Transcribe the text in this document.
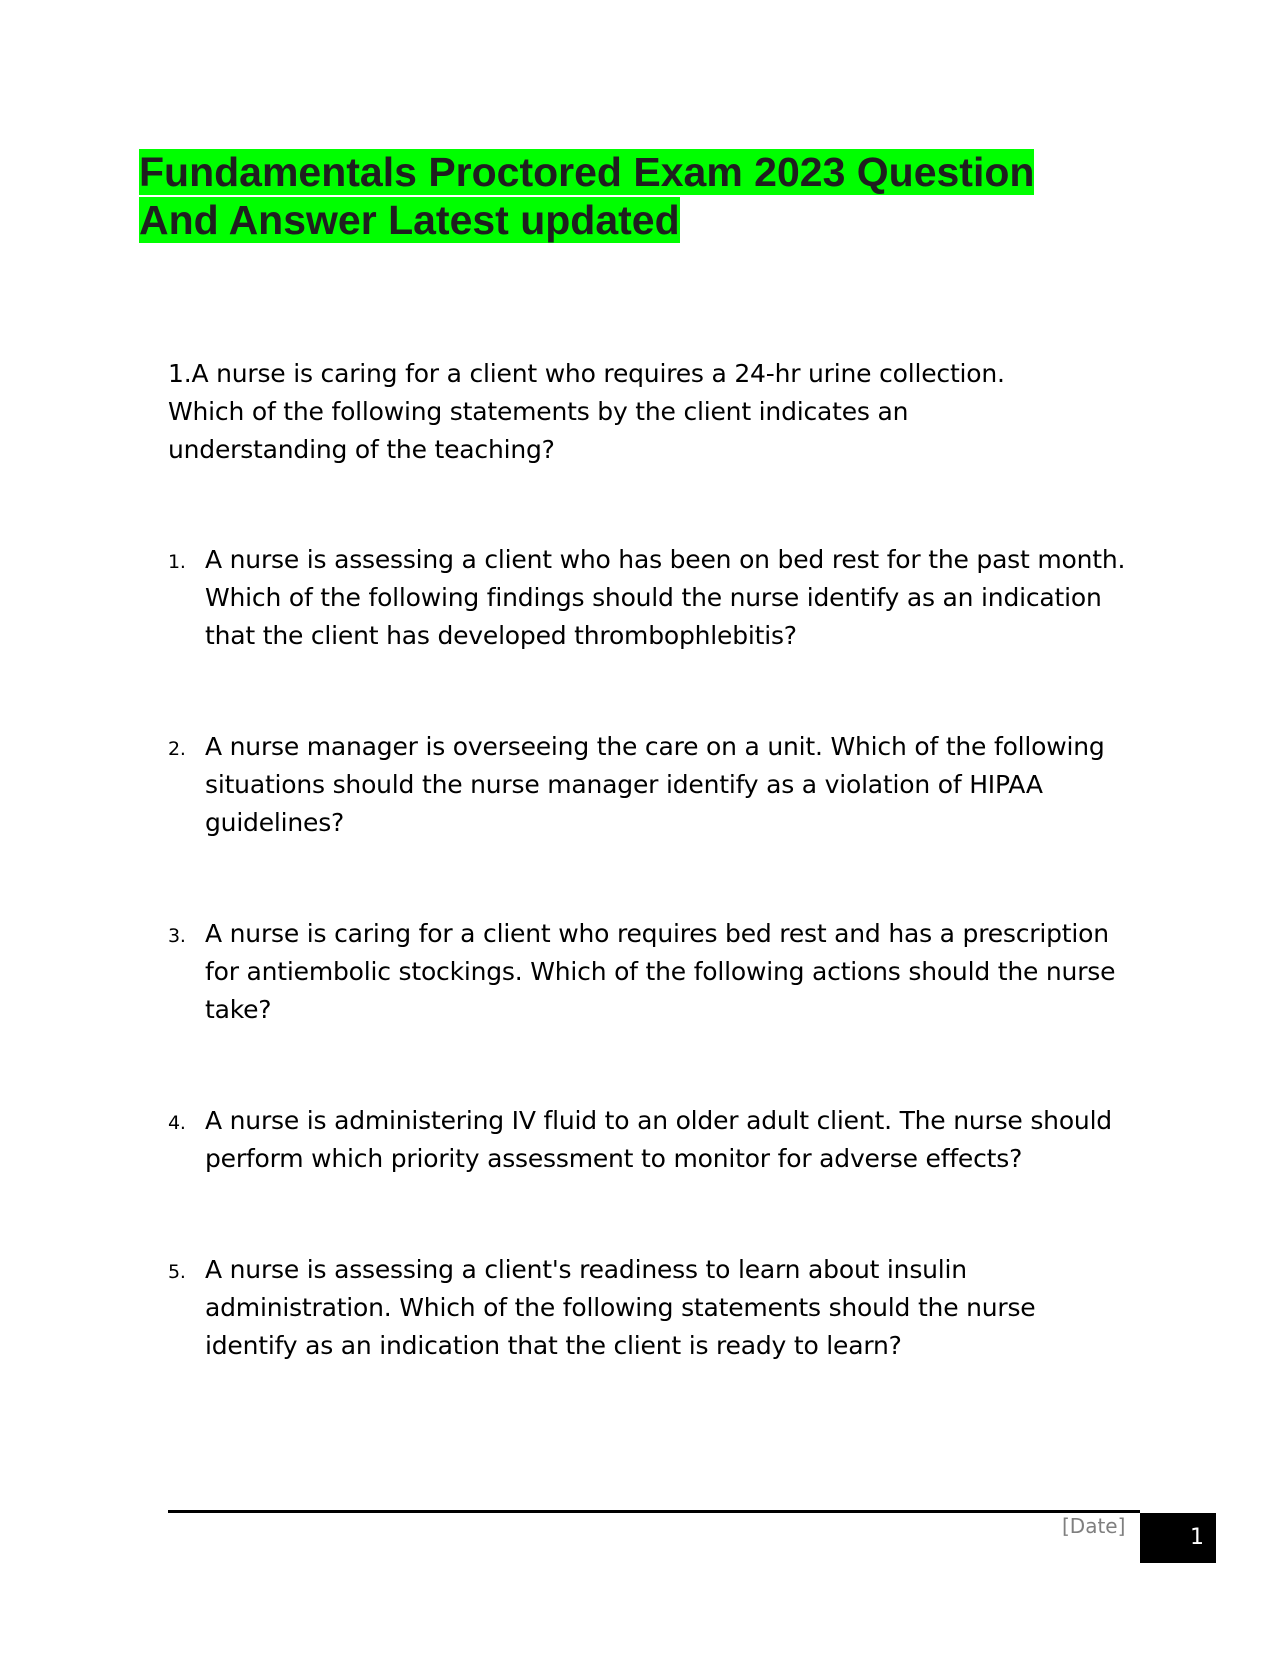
Fundamentals Proctored Exam 2023 Question
And Answer Latest updated

1.A nurse is caring for a client who requires a 24-hr urine collection. Which of the following statements by the client indicates an understanding of the teaching?

1. A nurse is assessing a client who has been on bed rest for the past month. Which of the following findings should the nurse identify as an indication that the client has developed thrombophlebitis?
2. A nurse manager is overseeing the care on a unit. Which of the following situations should the nurse manager identify as a violation of HIPAA guidelines?
3. A nurse is caring for a client who requires bed rest and has a prescription for antiembolic stockings. Which of the following actions should the nurse take?
4. A nurse is administering IV fluid to an older adult client. The nurse should perform which priority assessment to monitor for adverse effects?
5. A nurse is assessing a client's readiness to learn about insulin administration. Which of the following statements should the nurse identify as an indication that the client is ready to learn?
[Date]	1
